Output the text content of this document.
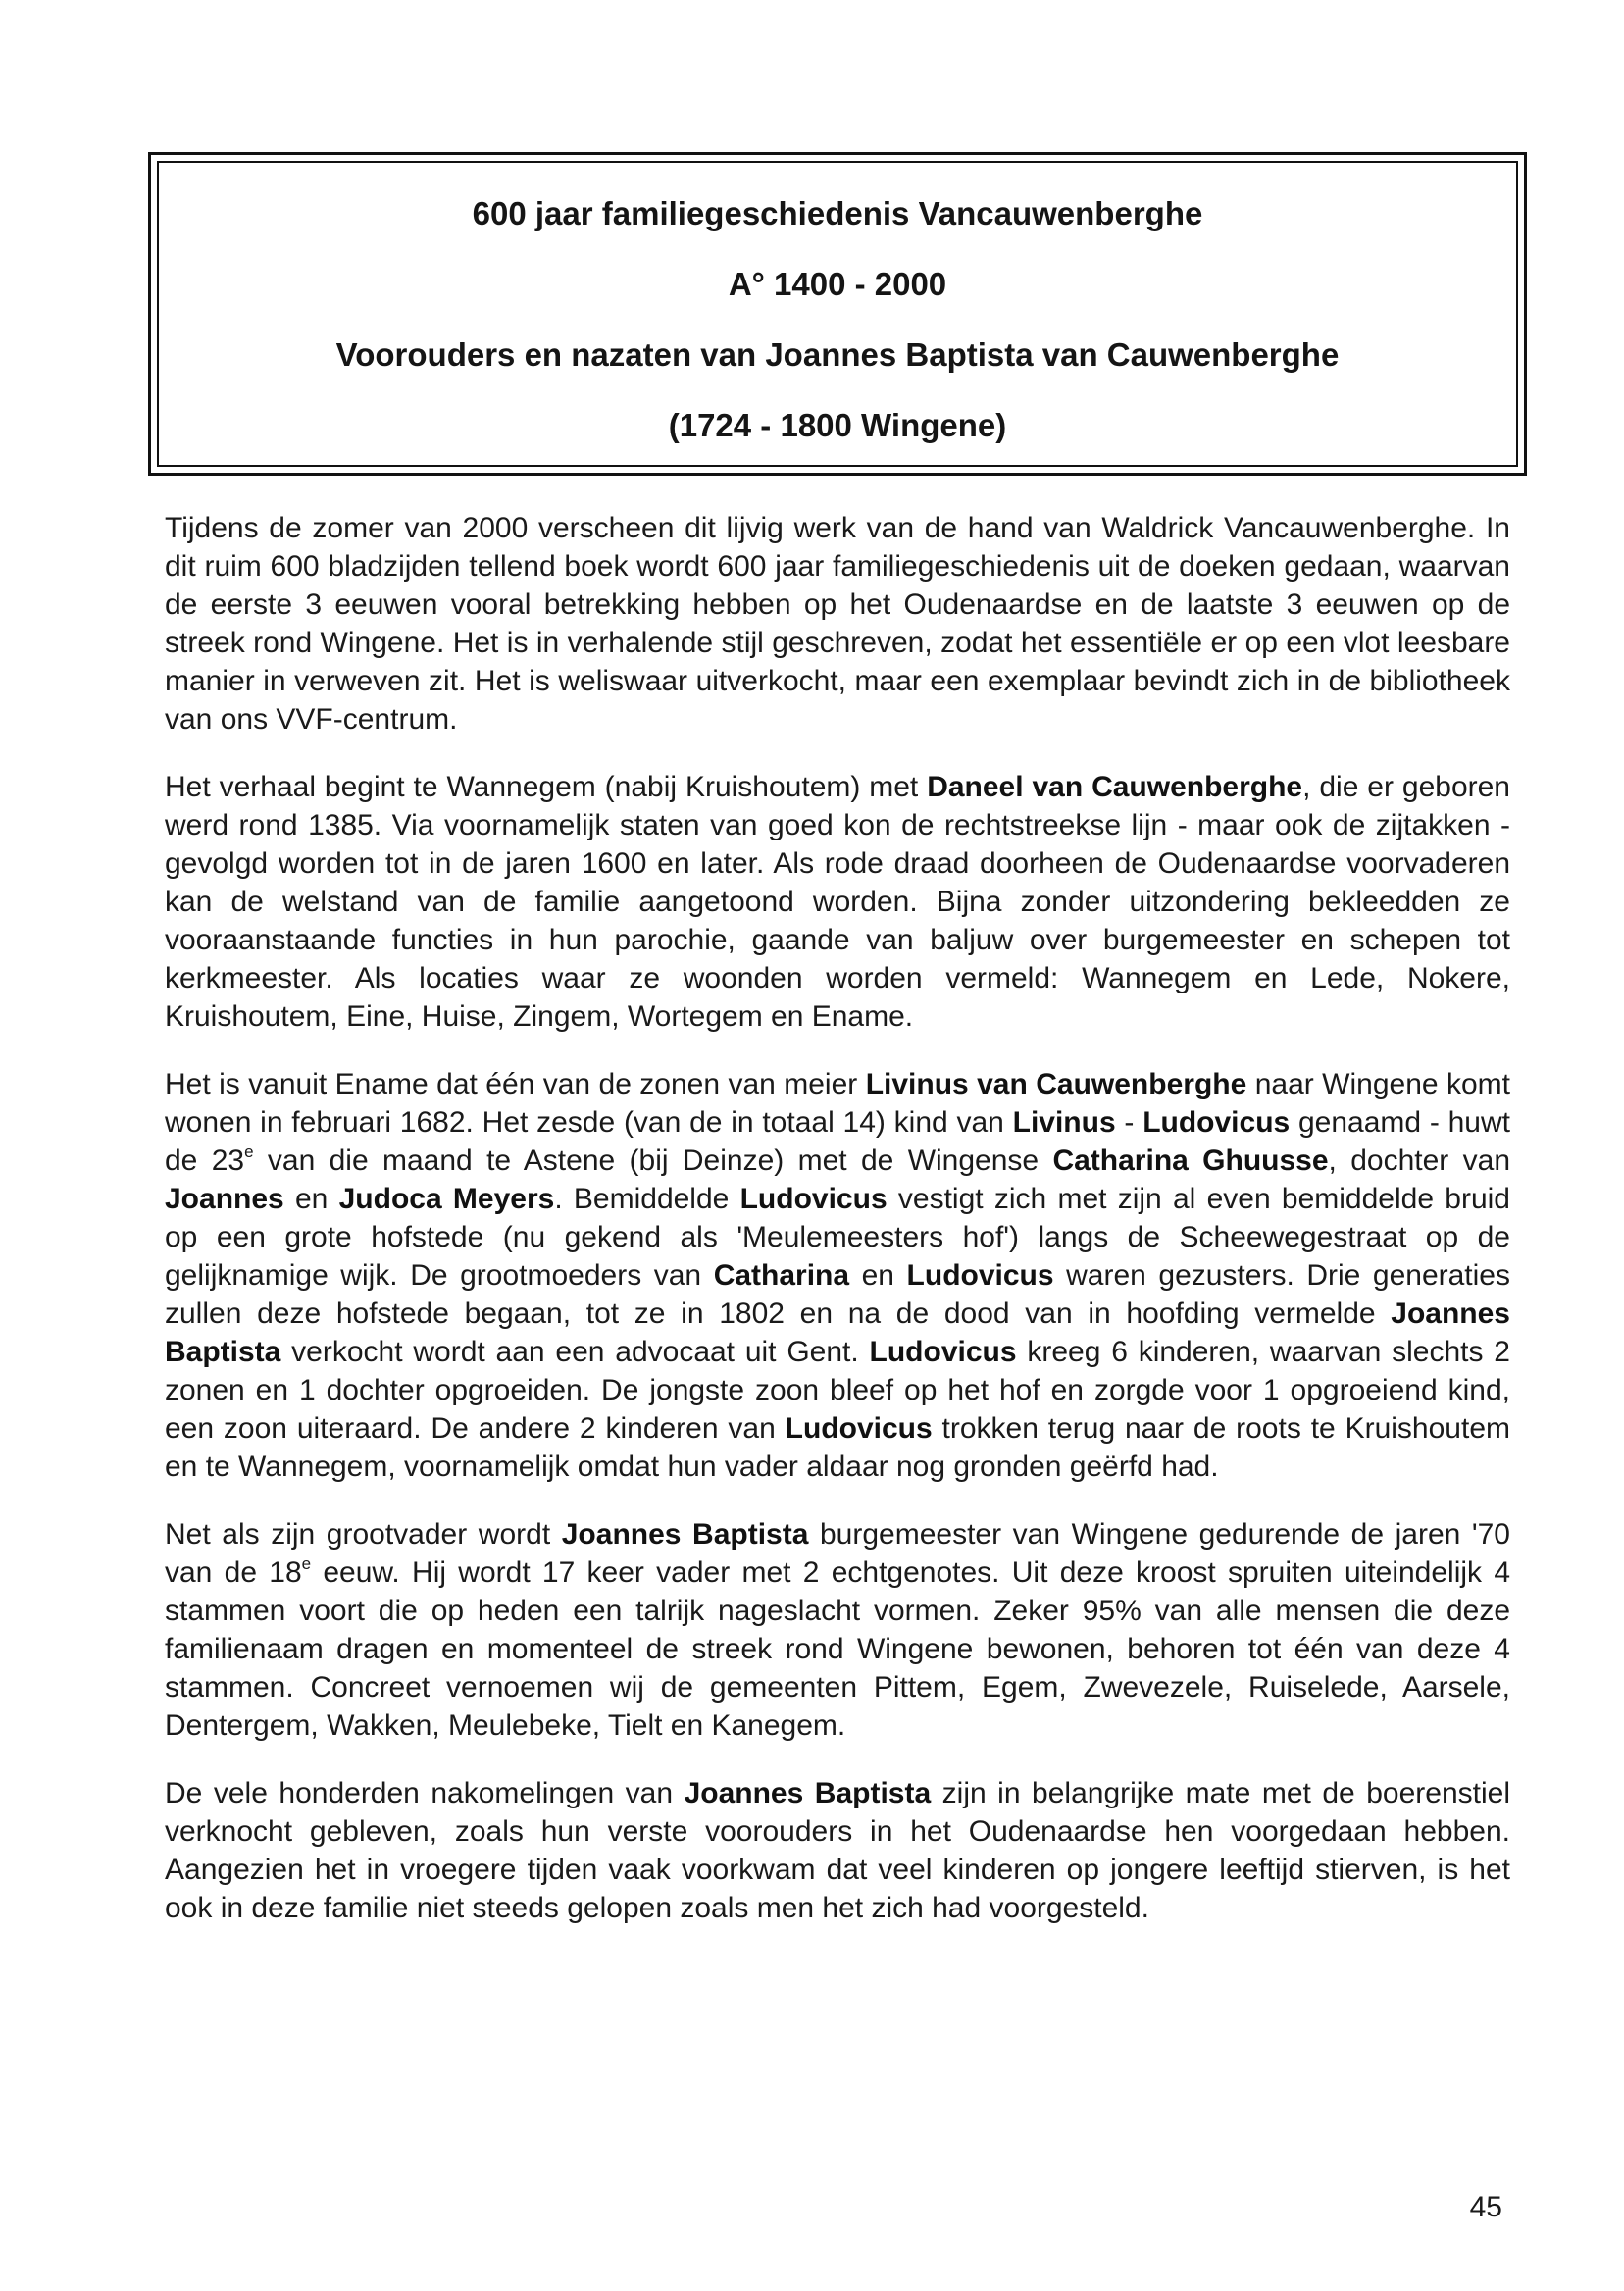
600 jaar familiegeschiedenis Vancauwenberghe
A° 1400 - 2000
Voorouders en nazaten van Joannes Baptista van Cauwenberghe
(1724 - 1800 Wingene)

Tijdens de zomer van 2000 verscheen dit lijvig werk van de hand van Waldrick Vancauwenberghe. In dit ruim 600 bladzijden tellend boek wordt 600 jaar familiegeschiedenis uit de doeken gedaan, waarvan de eerste 3 eeuwen vooral betrekking hebben op het Oudenaardse en de laatste 3 eeuwen op de streek rond Wingene. Het is in verhalende stijl geschreven, zodat het essentiële er op een vlot leesbare manier in verweven zit. Het is weliswaar uitverkocht, maar een exemplaar bevindt zich in de bibliotheek van ons VVF-centrum.

Het verhaal begint te Wannegem (nabij Kruishoutem) met Daneel van Cauwenberghe, die er geboren werd rond 1385. Via voornamelijk staten van goed kon de rechtstreekse lijn - maar ook de zijtakken - gevolgd worden tot in de jaren 1600 en later. Als rode draad doorheen de Oudenaardse voorvaderen kan de welstand van de familie aangetoond worden. Bijna zonder uitzondering bekleedden ze vooraanstaande functies in hun parochie, gaande van baljuw over burgemeester en schepen tot kerkmeester. Als locaties waar ze woonden worden vermeld: Wannegem en Lede, Nokere, Kruishoutem, Eine, Huise, Zingem, Wortegem en Ename.

Het is vanuit Ename dat één van de zonen van meier Livinus van Cauwenberghe naar Wingene komt wonen in februari 1682. Het zesde (van de in totaal 14) kind van Livinus - Ludovicus genaamd - huwt de 23e van die maand te Astene (bij Deinze) met de Wingense Catharina Ghuusse, dochter van Joannes en Judoca Meyers. Bemiddelde Ludovicus vestigt zich met zijn al even bemiddelde bruid op een grote hofstede (nu gekend als 'Meulemeesters hof') langs de Scheewegestraat op de gelijknamige wijk. De grootmoeders van Catharina en Ludovicus waren gezusters. Drie generaties zullen deze hofstede begaan, tot ze in 1802 en na de dood van in hoofding vermelde Joannes Baptista verkocht wordt aan een advocaat uit Gent. Ludovicus kreeg 6 kinderen, waarvan slechts 2 zonen en 1 dochter opgroeiden. De jongste zoon bleef op het hof en zorgde voor 1 opgroeiend kind, een zoon uiteraard. De andere 2 kinderen van Ludovicus trokken terug naar de roots te Kruishoutem en te Wannegem, voornamelijk omdat hun vader aldaar nog gronden geërfd had.

Net als zijn grootvader wordt Joannes Baptista burgemeester van Wingene gedurende de jaren '70 van de 18e eeuw. Hij wordt 17 keer vader met 2 echtgenotes. Uit deze kroost spruiten uiteindelijk 4 stammen voort die op heden een talrijk nageslacht vormen. Zeker 95% van alle mensen die deze familienaam dragen en momenteel de streek rond Wingene bewonen, behoren tot één van deze 4 stammen. Concreet vernoemen wij de gemeenten Pittem, Egem, Zwevezele, Ruiselede, Aarsele, Dentergem, Wakken, Meulebeke, Tielt en Kanegem.

De vele honderden nakomelingen van Joannes Baptista zijn in belangrijke mate met de boerenstiel verknocht gebleven, zoals hun verste voorouders in het Oudenaardse hen voorgedaan hebben. Aangezien het in vroegere tijden vaak voorkwam dat veel kinderen op jongere leeftijd stierven, is het ook in deze familie niet steeds gelopen zoals men het zich had voorgesteld.

45
